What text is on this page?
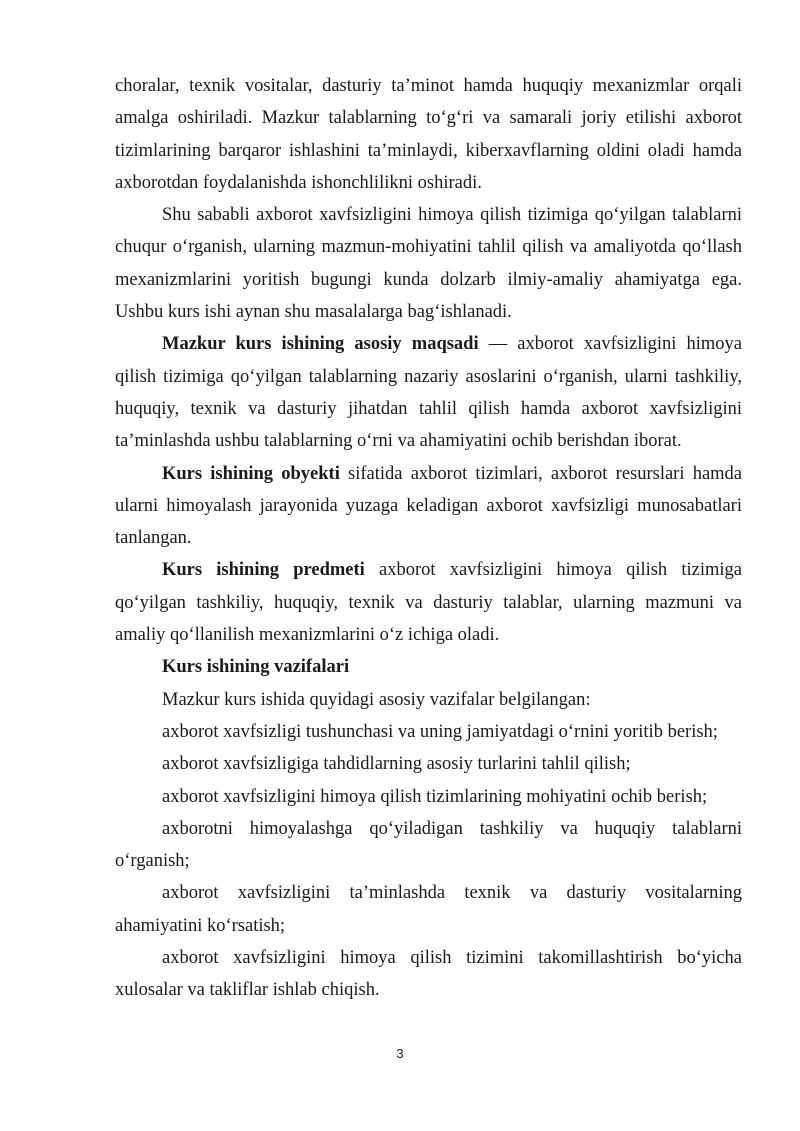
choralar, texnik vositalar, dasturiy ta’minot hamda huquqiy mexanizmlar orqali amalga oshiriladi. Mazkur talablarning to‘g‘ri va samarali joriy etilishi axborot tizimlarining barqaror ishlashini ta’minlaydi, kiberxavflarning oldini oladi hamda axborotdan foydalanishda ishonchlilikni oshiradi.

Shu sababli axborot xavfsizligini himoya qilish tizimiga qo‘yilgan talablarni chuqur o‘rganish, ularning mazmun-mohiyatini tahlil qilish va amaliyotda qo‘llash mexanizmlarini yoritish bugungi kunda dolzarb ilmiy-amaliy ahamiyatga ega. Ushbu kurs ishi aynan shu masalalarga bag‘ishlanadi.

Mazkur kurs ishining asosiy maqsadi — axborot xavfsizligini himoya qilish tizimiga qo‘yilgan talablarning nazariy asoslarini o‘rganish, ularni tashkiliy, huquqiy, texnik va dasturiy jihatdan tahlil qilish hamda axborot xavfsizligini ta’minlashda ushbu talablarning o‘rni va ahamiyatini ochib berishdan iborat.

Kurs ishining obyekti sifatida axborot tizimlari, axborot resurslari hamda ularni himoyalash jarayonida yuzaga keladigan axborot xavfsizligi munosabatlari tanlangan.

Kurs ishining predmeti axborot xavfsizligini himoya qilish tizimiga qo‘yilgan tashkiliy, huquqiy, texnik va dasturiy talablar, ularning mazmuni va amaliy qo‘llanilish mexanizmlarini o‘z ichiga oladi.

Kurs ishining vazifalari

Mazkur kurs ishida quyidagi asosiy vazifalar belgilangan:

axborot xavfsizligi tushunchasi va uning jamiyatdagi o‘rnini yoritib berish;

axborot xavfsizligiga tahdidlarning asosiy turlarini tahlil qilish;

axborot xavfsizligini himoya qilish tizimlarining mohiyatini ochib berish;

axborotni himoyalashga qo‘yiladigan tashkiliy va huquqiy talablarni o‘rganish;

axborot xavfsizligini ta’minlashda texnik va dasturiy vositalarning ahamiyatini ko‘rsatish;

axborot xavfsizligini himoya qilish tizimini takomillashtirish bo‘yicha xulosalar va takliflar ishlab chiqish.

3
